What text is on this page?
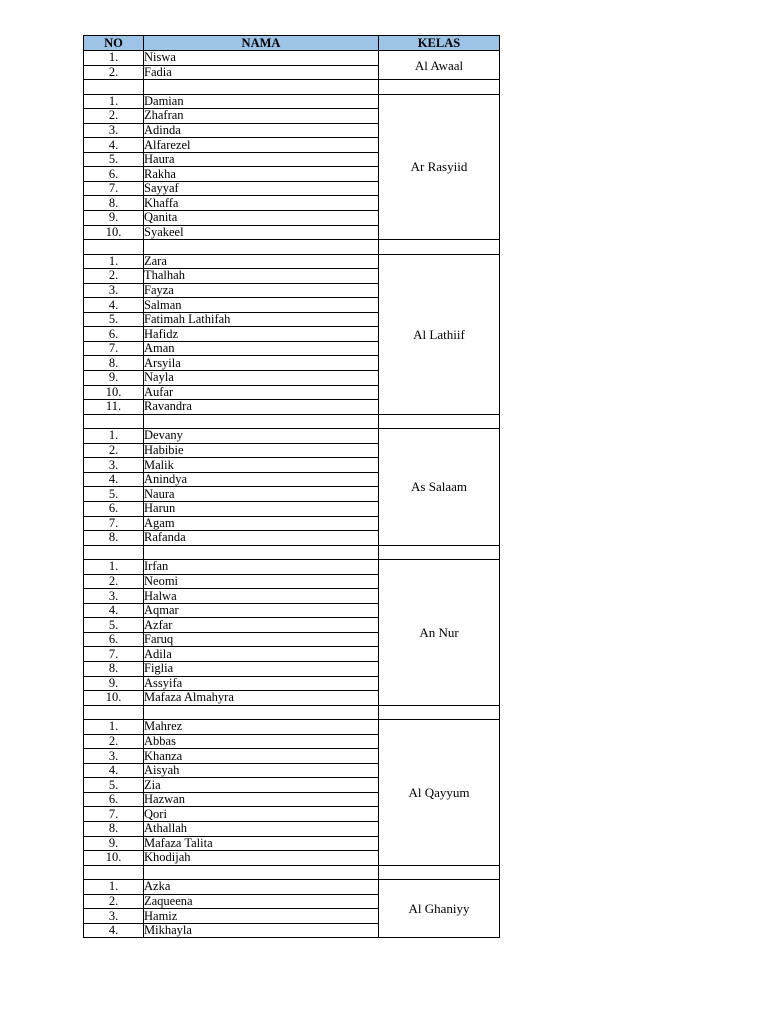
NO	NAMA	KELAS
1.	Niswa	Al Awaal
2.	Fadia	

1.	Damian	Ar Rasyiid
2.	Zhafran	
3.	Adinda	
4.	Alfarezel	
5.	Haura	
6.	Rakha	
7.	Sayyaf	
8.	Khaffa	
9.	Qanita	
10.	Syakeel	

1.	Zara	Al Lathiif
2.	Thalhah	
3.	Fayza	
4.	Salman	
5.	Fatimah Lathifah	
6.	Hafidz	
7.	Aman	
8.	Arsyila	
9.	Nayla	
10.	Aufar	
11.	Ravandra	

1.	Devany	As Salaam
2.	Habibie	
3.	Malik	
4.	Anindya	
5.	Naura	
6.	Harun	
7.	Agam	
8.	Rafanda	

1.	Irfan	An Nur
2.	Neomi	
3.	Halwa	
4.	Aqmar	
5.	Azfar	
6.	Faruq	
7.	Adila	
8.	Figlia	
9.	Assyifa	
10.	Mafaza Almahyra	

1.	Mahrez	Al Qayyum
2.	Abbas	
3.	Khanza	
4.	Aisyah	
5.	Zia	
6.	Hazwan	
7.	Qori	
8.	Athallah	
9.	Mafaza Talita	
10.	Khodijah	

1.	Azka	Al Ghaniyy
2.	Zaqueena	
3.	Hamiz	
4.	Mikhayla	
